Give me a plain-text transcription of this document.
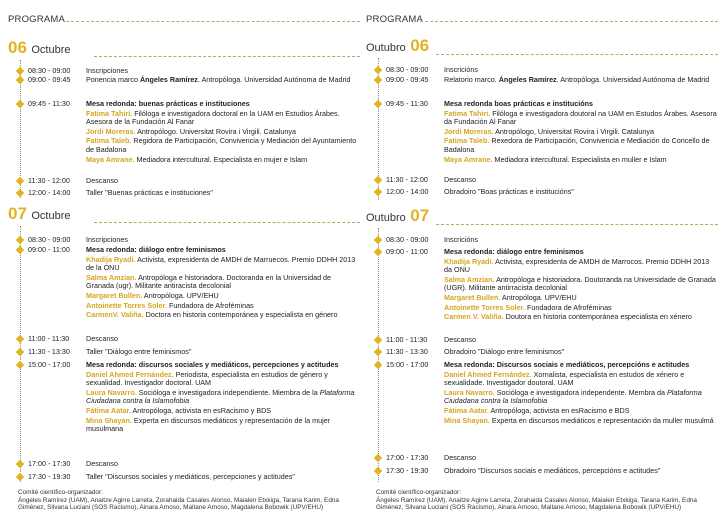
PROGRAMA
06 Octubre
08:30 - 09:00 Inscripciones
09:00 - 09:45 Ponencia marco Ángeles Ramírez. Antropóloga. Universidad Autónoma de Madrid
09:45 - 11:30 Mesa redonda: buenas prácticas e instituciones
Fatima Tahiri. Filóloga e investigadora doctoral en la UAM en Estudios Árabes. Asesora de la Fundación Al Fanar
Jordi Moreras. Antropólogo. Universitat Rovira i Virgili. Catalunya
Fatima Taleb. Regidora de Participación, Convivencia y Mediación del Ayuntamiento de Badalona
Maya Amrane. Mediadora intercultural. Especialista en mujer e Islam
11:30 - 12:00 Descanso
12:00 - 14:00 Taller "Buenas prácticas e instituciones"
07 Octubre
08:30 - 09:00 Inscripciones
09:00 - 11:00 Mesa redonda: diálogo entre feminismos
Khadija Ryadi. Activista, expresidenta de AMDH de Marruecos. Premio DDHH 2013 de la ONU
Salma Amzian. Antropóloga e historiadora. Doctoranda en la Universidad de Granada (ugr). Militante antiracista decolonial
Margaret Bullen. Antropóloga. UPV/EHU
Antoinette Torres Soler. Fundadora de Afroféminas
CarmenV. Valiña. Doctora en historia contemporánea y especialista en género
11:00 - 11:30 Descanso
11:30 - 13:30 Taller "Diálogo entre feminismos"
15:00 - 17:00 Mesa redonda: discursos sociales y mediáticos, percepciones y actitudes
Daniel Ahmed Fernández. Periodista, especialista en estudios de género y sexualidad. Investigador doctoral. UAM
Laura Navarro. Socióloga e investigadora independiente. Miembra de la Plataforma Ciudadana contra la Islamofobia
Fátima Aatar. Antropóloga, activista en esRacismo y BDS
Mina Shayan. Experta en discursos mediáticos y representación de la mujer musulmana
17:00 - 17:30 Descanso
17:30 - 19:30 Taller "Discursos sociales y mediáticos, percepciones y actitudes"
Comité científico-organizador:
Ángeles Ramírez (UAM), Anaitze Agirre Larreta, Zorahaida Casales Alonso, Maialen Etxkiga, Tarana Karim, Edna Giménez, Silvana Luciani (SOS Racismo), Ainara Arnoso, Maitane Arnoso, Magdalena Bobowik (UPV/EHU)
PROGRAMA
Outubro 06
08:30 - 09:00 Inscricións
09:00 - 09:45 Relatorio marco. Ángeles Ramírez. Antropóloga. Universidad Autónoma de Madrid
09:45 - 11:30 Mesa redonda boas prácticas e institucións
Fatima Tahiri. Filóloga e investigadora doutoral na UAM en Estudos Árabes. Asesora da Fundación Al Fanar
Jordi Moreras. Antropólogo, Universitat Rovira i Virgili. Catalunya
Fatima Taleb. Rexedora de Participación, Convivencia e Mediación do Concello de Badalona
Maya Amrane. Mediadora intercultural. Especialista en muller e Islam
11:30 - 12:00 Descanso
12:00 - 14:00 Obradoiro "Boas prácticas e institucións"
Outubro 07
08:30 - 09:00 Inscricións
09:00 - 11:00 Mesa redonda: diálogo entre feminismos
Khadija Ryadi. Activista, expresidenta de AMDH de Marrocos. Premio DDHH 2013 da ONU
Salma Amzian. Antropóloga e historiadora. Doutoranda na Universidade de Granada (UGR). Militante antirracista decolonial
Margaret Bullen. Antropóloga. UPV/EHU
Antoinette Torres Soler. Fundadora de Afroféminas
Carmen V. Valiña. Doutora en historia contemporánea especialista en xénero
11:00 - 11:30 Descanso
11:30 - 13:30 Obradoiro "Diálogo entre feminismos"
15:00 - 17:00 Mesa redonda: Discursos sociais e mediáticos, percepcións e actitudes
Daniel Ahmed Fernández. Xornalista, especialista en estudos de xénero e sexualidade. Investigador doutoral. UAM
Laura Navarro. Socióloga e investigadora independente. Membra da Plataforma Ciudadana contra la Islamofobia
Fátima Aatar. Antropóloga, activista en esRacismo e BDS
Mina Shayan. Experta en discursos mediáticos e representación da muller musulmá
17:00 - 17:30 Descanso
17:30 - 19:30 Obradoiro "Discursos sociais e mediáticos, percepcións e actitudes"
Comité científico-organizador:
Ángeles Ramírez (UAM), Anaitze Agirre Larreta, Zorahaida Casales Alonso, Maialen Etxkiga, Tarana Karim, Edna Giménez, Silvana Luciani (SOS Racismo), Ainara Arnoso, Maitane Arnoso, Magdalena Bobowik (UPV/EHU)
